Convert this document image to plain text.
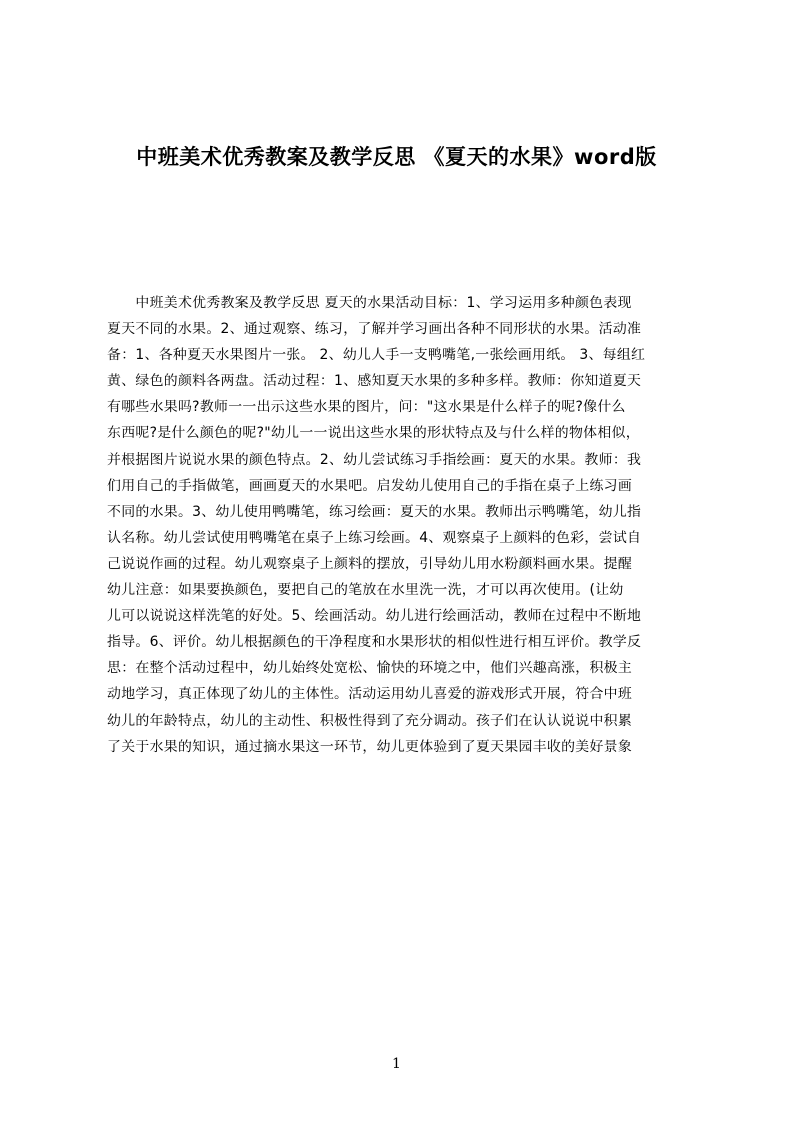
中班美术优秀教案及教学反思 《夏天的水果》word版
　　中班美术优秀教案及教学反思 夏天的水果活动目标：1、学习运用多种颜色表现
夏天不同的水果。2、通过观察、练习，了解并学习画出各种不同形状的水果。活动准
备：1、各种夏天水果图片一张。 2、幼儿人手一支鸭嘴笔,一张绘画用纸。 3、每组红
黄、绿色的颜料各两盘。活动过程：1、感知夏天水果的多种多样。教师：你知道夏天
有哪些水果吗?教师一一出示这些水果的图片，问："这水果是什么样子的呢?像什么
东西呢?是什么颜色的呢?"幼儿一一说出这些水果的形状特点及与什么样的物体相似，
并根据图片说说水果的颜色特点。2、幼儿尝试练习手指绘画：夏天的水果。教师：我
们用自己的手指做笔，画画夏天的水果吧。启发幼儿使用自己的手指在桌子上练习画
不同的水果。3、幼儿使用鸭嘴笔，练习绘画：夏天的水果。教师出示鸭嘴笔，幼儿指
认名称。幼儿尝试使用鸭嘴笔在桌子上练习绘画。4、观察桌子上颜料的色彩，尝试自
己说说作画的过程。幼儿观察桌子上颜料的摆放，引导幼儿用水粉颜料画水果。提醒
幼儿注意：如果要换颜色，要把自己的笔放在水里洗一洗，才可以再次使用。(让幼
儿可以说说这样洗笔的好处。5、绘画活动。幼儿进行绘画活动，教师在过程中不断地
指导。6、评价。幼儿根据颜色的干净程度和水果形状的相似性进行相互评价。教学反
思：在整个活动过程中，幼儿始终处宽松、愉快的环境之中，他们兴趣高涨，积极主
动地学习，真正体现了幼儿的主体性。活动运用幼儿喜爱的游戏形式开展，符合中班
幼儿的年龄特点，幼儿的主动性、积极性得到了充分调动。孩子们在认认说说中积累
了关于水果的知识，通过摘水果这一环节，幼儿更体验到了夏天果园丰收的美好景象
1
